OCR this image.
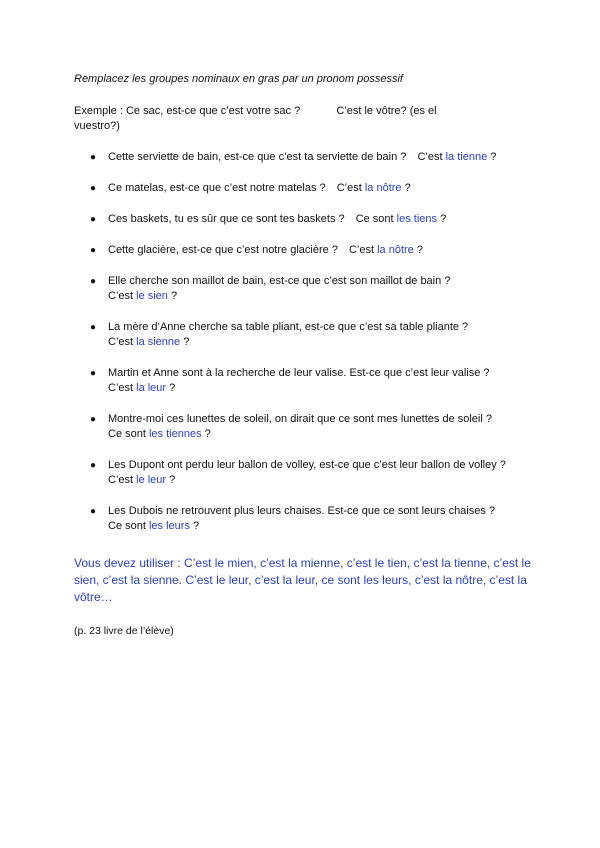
Remplacez les groupes nominaux en gras par un pronom possessif
Exemple : Ce sac, est-ce que c’est votre sac ?	C’est le vôtre? (es el vuestro?)
● Cette serviette de bain, est-ce que c’est ta serviette de bain ? C’est la tienne ?
● Ce matelas, est-ce que c’est notre matelas ? C’est la nôtre ?
● Ces baskets, tu es sûr que ce sont tes baskets ? Ce sont les tiens ?
● Cette glacière, est-ce que c’est notre glacière ? C’est la nôtre ?
● Elle cherche son maillot de bain, est-ce que c’est son maillot de bain ?
C’est le sien ?
● La mère d’Anne cherche sa table pliant, est-ce que c’est sa table pliante ?
C’est la sienne ?
● Martin et Anne sont à la recherche de leur valise. Est-ce que c’est leur valise ?
C’est la leur ?
● Montre-moi ces lunettes de soleil, on dirait que ce sont mes lunettes de soleil ?
Ce sont les tiennes ?
● Les Dupont ont perdu leur ballon de volley, est-ce que c’est leur ballon de volley ?
C’est le leur ?
● Les Dubois ne retrouvent plus leurs chaises. Est-ce que ce sont leurs chaises ?
Ce sont les leurs ?
Vous devez utiliser : C’est le mien, c’est la mienne, c’est le tien, c’est la tienne, c’est le sien, c’est la sienne. C’est le leur, c’est la leur, ce sont les leurs, c’est la nôtre, c’est la vôtre…
(p. 23 livre de l’élève)
